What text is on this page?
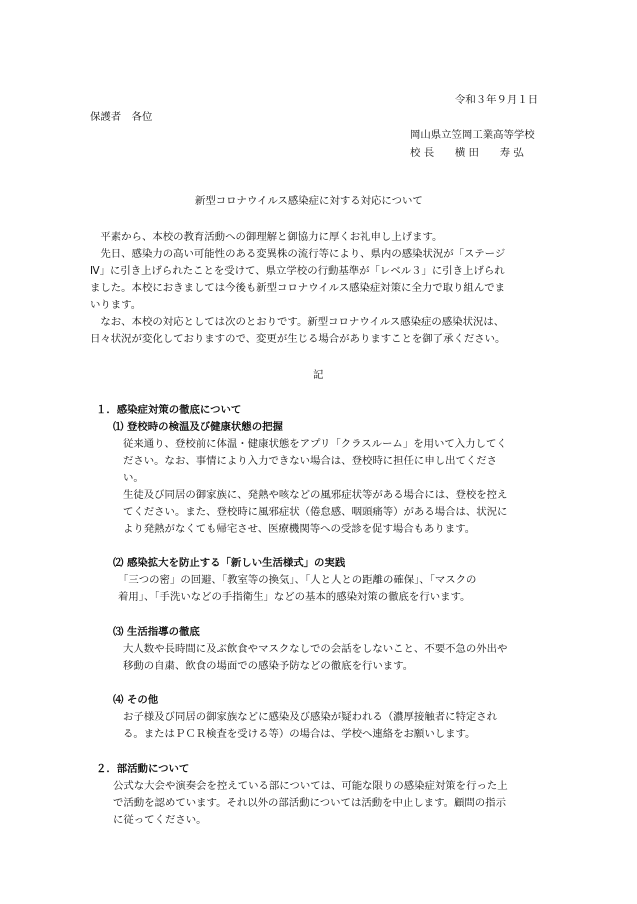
令和３年９月１日
保護者　各位
岡山県立笠岡工業高等学校
校 長　　横 田　　寿 弘
新型コロナウイルス感染症に対する対応について
　平素から、本校の教育活動への御理解と御協力に厚くお礼申し上げます。
　先日、感染力の高い可能性のある変異株の流行等により、県内の感染状況が「ステージ
Ⅳ」に引き上げられたことを受けて、県立学校の行動基準が「レベル３」に引き上げられ
ました。本校におきましては今後も新型コロナウイルス感染症対策に全力で取り組んでま
いります。
　なお、本校の対応としては次のとおりです。新型コロナウイルス感染症の感染状況は、
日々状況が変化しておりますので、変更が生じる場合がありますことを御了承ください。
記
１．感染症対策の徹底について
⑴ 登校時の検温及び健康状態の把握
従来通り、登校前に体温・健康状態をアプリ「クラスルーム」を用いて入力してく
ださい。なお、事情により入力できない場合は、登校時に担任に申し出てくださ
い。
生徒及び同居の御家族に、発熱や咳などの風邪症状等がある場合には、登校を控え
てください。また、登校時に風邪症状（倦怠感、咽頭痛等）がある場合は、状況に
より発熱がなくても帰宅させ、医療機関等への受診を促す場合もあります。
⑵ 感染拡大を防止する「新しい生活様式」の実践
「三つの密」の回避、「教室等の換気」、「人と人との距離の確保」、「マスクの
着用」、「手洗いなどの手指衛生」などの基本的感染対策の徹底を行います。
⑶ 生活指導の徹底
大人数や長時間に及ぶ飲食やマスクなしでの会話をしないこと、不要不急の外出や
移動の自粛、飲食の場面での感染予防などの徹底を行います。
⑷ その他
お子様及び同居の御家族などに感染及び感染が疑われる（濃厚接触者に特定され
る。またはＰＣＲ検査を受ける等）の場合は、学校へ連絡をお願いします。
２．部活動について
公式な大会や演奏会を控えている部については、可能な限りの感染症対策を行った上
で活動を認めています。それ以外の部活動については活動を中止します。顧問の指示
に従ってください。
